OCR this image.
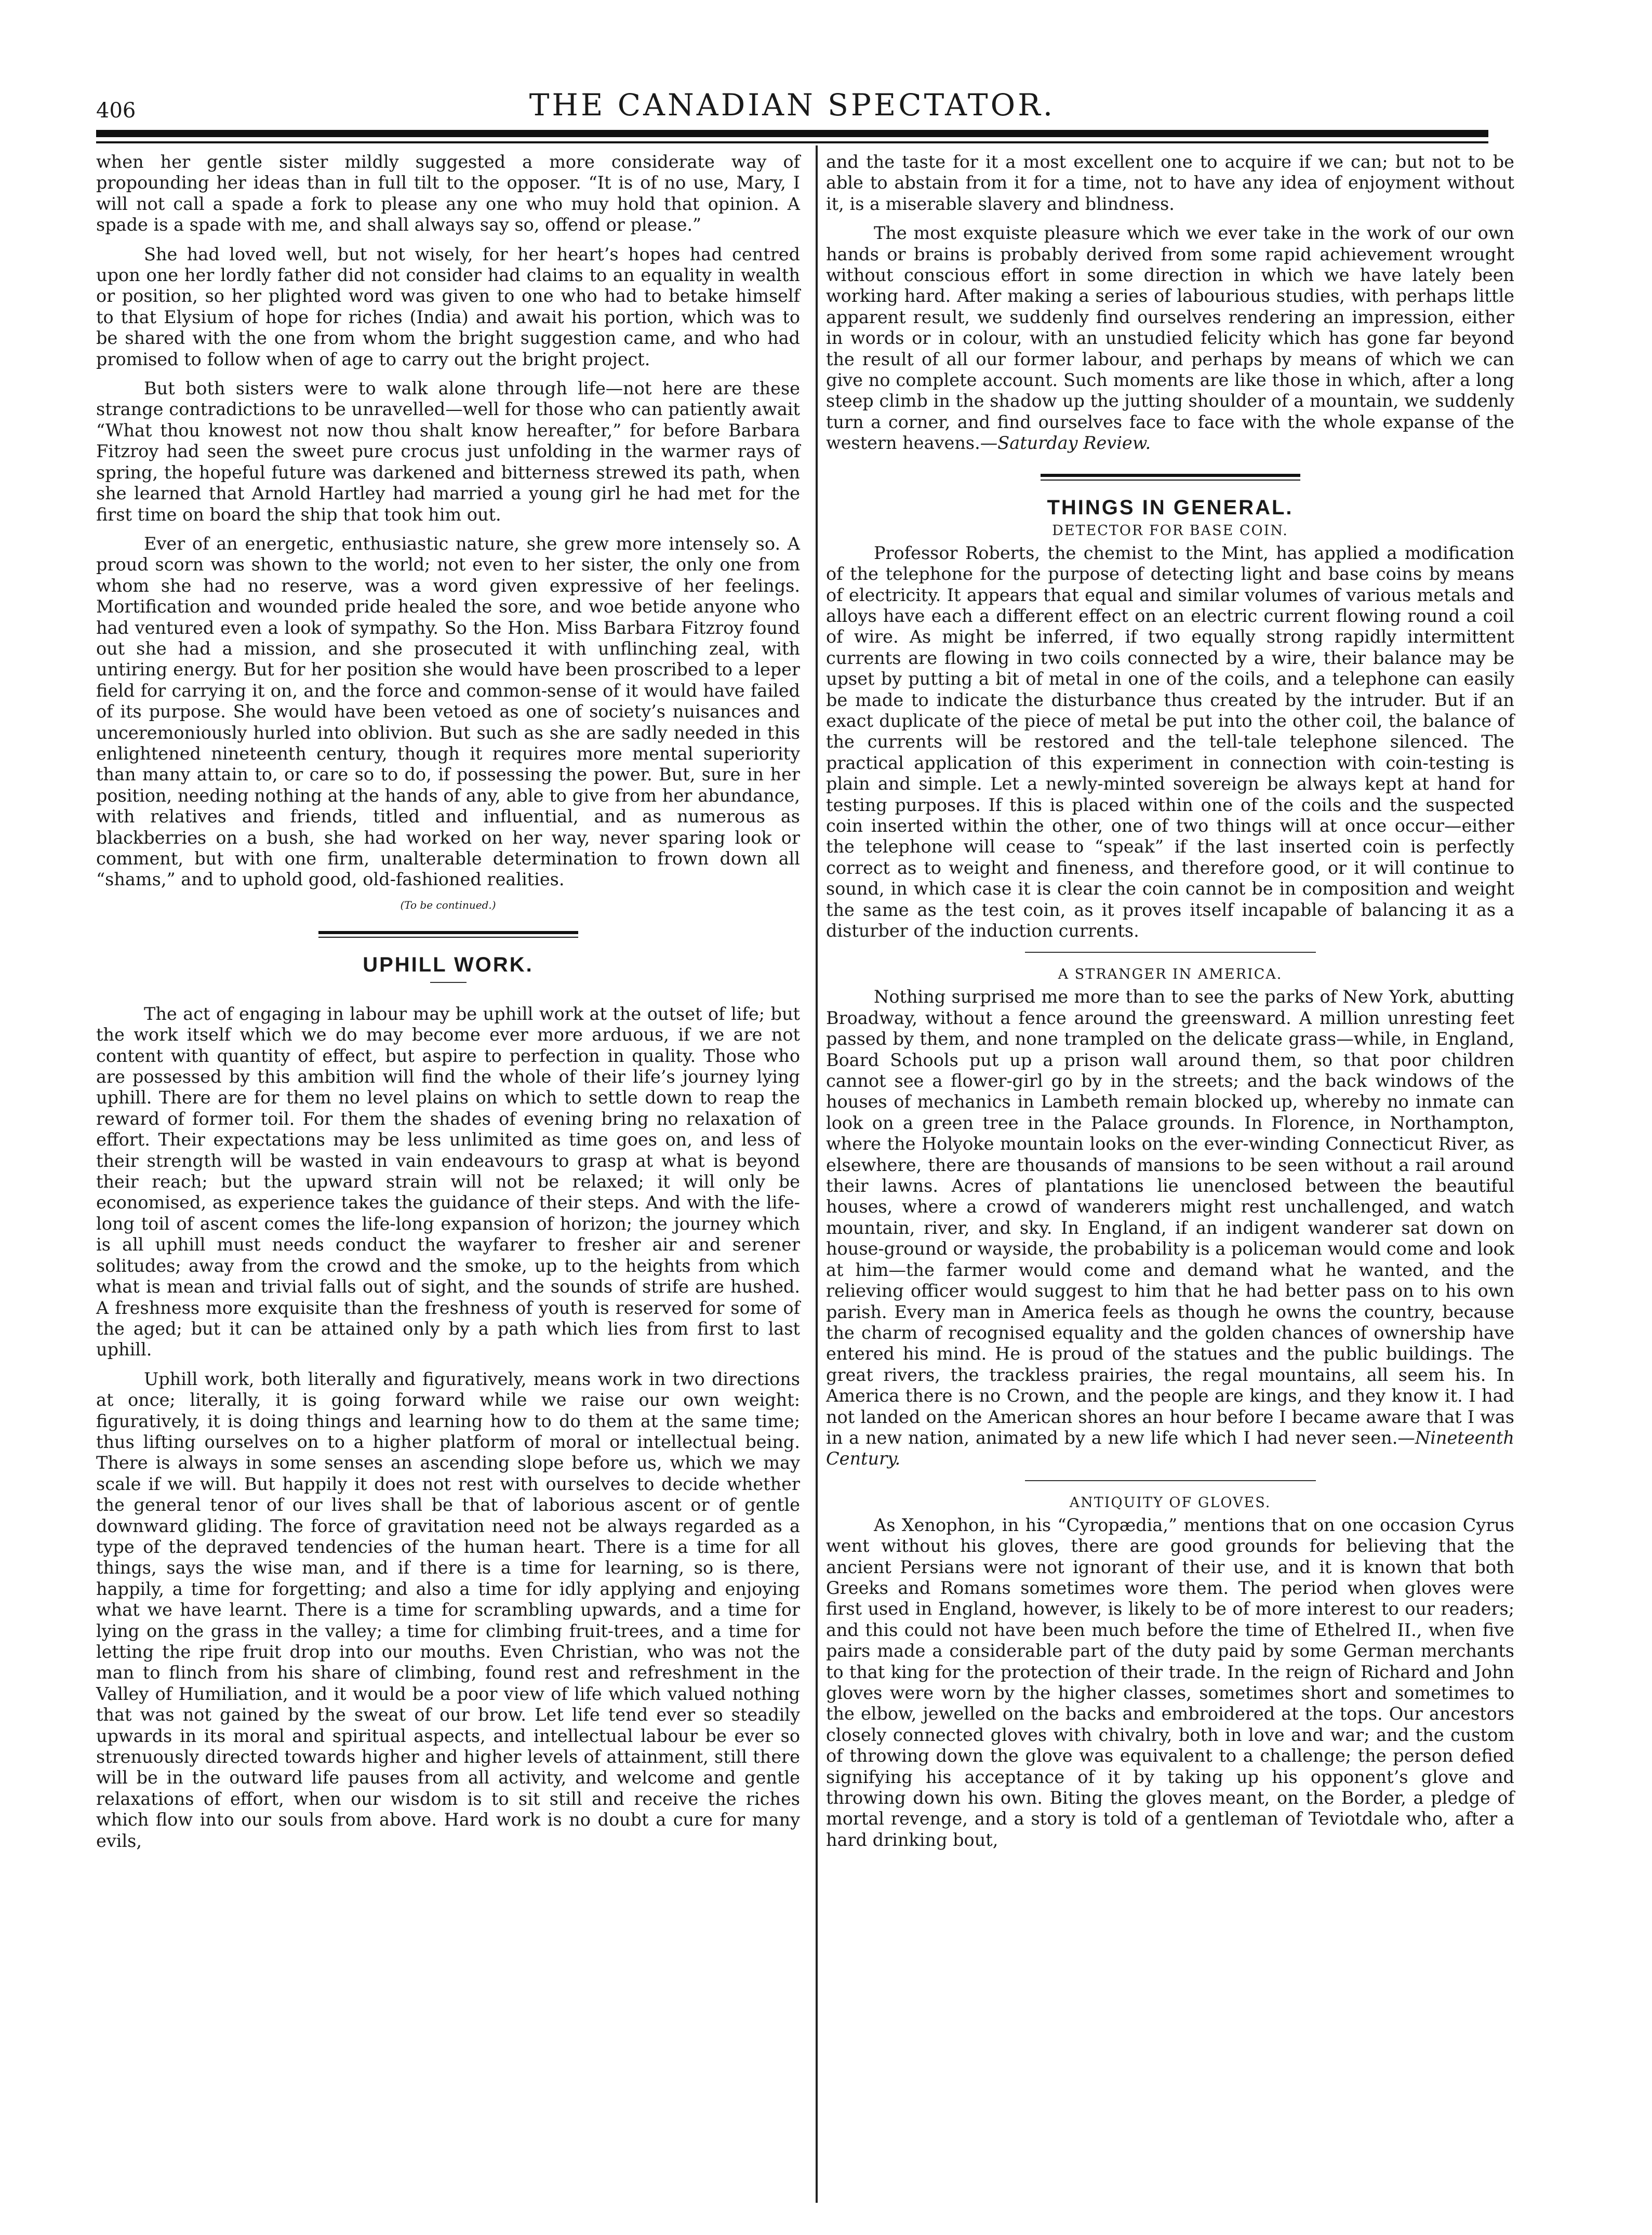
406	THE CANADIAN SPECTATOR.

when her gentle sister mildly suggested a more considerate way of propounding her ideas than in full tilt to the opposer. “It is of no use, Mary, I will not call a spade a fork to please any one who muy hold that opinion. A spade is a spade with me, and shall always say so, offend or please.”

She had loved well, but not wisely, for her heart’s hopes had centred upon one her lordly father did not consider had claims to an equality in wealth or position, so her plighted word was given to one who had to betake himself to that Elysium of hope for riches (India) and await his portion, which was to be shared with the one from whom the bright suggestion came, and who had promised to follow when of age to carry out the bright project.

But both sisters were to walk alone through life—not here are these strange contradictions to be unravelled—well for those who can patiently await “What thou knowest not now thou shalt know hereafter,” for before Barbara Fitzroy had seen the sweet pure crocus just unfolding in the warmer rays of spring, the hopeful future was darkened and bitterness strewed its path, when she learned that Arnold Hartley had married a young girl he had met for the first time on board the ship that took him out.

Ever of an energetic, enthusiastic nature, she grew more intensely so. A proud scorn was shown to the world; not even to her sister, the only one from whom she had no reserve, was a word given expressive of her feelings. Mortification and wounded pride healed the sore, and woe betide anyone who had ventured even a look of sympathy. So the Hon. Miss Barbara Fitzroy found out she had a mission, and she prosecuted it with unflinching zeal, with untiring energy. But for her position she would have been proscribed to a leper field for carrying it on, and the force and common-sense of it would have failed of its purpose. She would have been vetoed as one of society’s nuisances and unceremoniously hurled into oblivion. But such as she are sadly needed in this enlightened nineteenth century, though it requires more mental superiority than many attain to, or care so to do, if possessing the power. But, sure in her position, needing nothing at the hands of any, able to give from her abundance, with relatives and friends, titled and influential, and as numerous as blackberries on a bush, she had worked on her way, never sparing look or comment, but with one firm, unalterable determination to frown down all “shams,” and to uphold good, old-fashioned realities.

(To be continued.)
UPHILL WORK.

The act of engaging in labour may be uphill work at the outset of life; but the work itself which we do may become ever more arduous, if we are not content with quantity of effect, but aspire to perfection in quality. Those who are possessed by this ambition will find the whole of their life’s journey lying uphill. There are for them no level plains on which to settle down to reap the reward of former toil. For them the shades of evening bring no relaxation of effort. Their expectations may be less unlimited as time goes on, and less of their strength will be wasted in vain endeavours to grasp at what is beyond their reach; but the upward strain will not be relaxed; it will only be economised, as experience takes the guidance of their steps. And with the life-long toil of ascent comes the life-long expansion of horizon; the journey which is all uphill must needs conduct the wayfarer to fresher air and serener solitudes; away from the crowd and the smoke, up to the heights from which what is mean and trivial falls out of sight, and the sounds of strife are hushed. A freshness more exquisite than the freshness of youth is reserved for some of the aged; but it can be attained only by a path which lies from first to last uphill.

Uphill work, both literally and figuratively, means work in two directions at once; literally, it is going forward while we raise our own weight: figuratively, it is doing things and learning how to do them at the same time; thus lifting ourselves on to a higher platform of moral or intellectual being. There is always in some senses an ascending slope before us, which we may scale if we will. But happily it does not rest with ourselves to decide whether the general tenor of our lives shall be that of laborious ascent or of gentle downward gliding. The force of gravitation need not be always regarded as a type of the depraved tendencies of the human heart. There is a time for all things, says the wise man, and if there is a time for learning, so is there, happily, a time for forgetting; and also a time for idly applying and enjoying what we have learnt. There is a time for scrambling upwards, and a time for lying on the grass in the valley; a time for climbing fruit-trees, and a time for letting the ripe fruit drop into our mouths. Even Christian, who was not the man to flinch from his share of climbing, found rest and refreshment in the Valley of Humiliation, and it would be a poor view of life which valued nothing that was not gained by the sweat of our brow. Let life tend ever so steadily upwards in its moral and spiritual aspects, and intellectual labour be ever so strenuously directed towards higher and higher levels of attainment, still there will be in the outward life pauses from all activity, and welcome and gentle relaxations of effort, when our wisdom is to sit still and receive the riches which flow into our souls from above. Hard work is no doubt a cure for many evils,

and the taste for it a most excellent one to acquire if we can; but not to be able to abstain from it for a time, not to have any idea of enjoyment without it, is a miserable slavery and blindness.

The most exquiste pleasure which we ever take in the work of our own hands or brains is probably derived from some rapid achievement wrought without conscious effort in some direction in which we have lately been working hard. After making a series of labourious studies, with perhaps little apparent result, we suddenly find ourselves rendering an impression, either in words or in colour, with an unstudied felicity which has gone far beyond the result of all our former labour, and perhaps by means of which we can give no complete account. Such moments are like those in which, after a long steep climb in the shadow up the jutting shoulder of a mountain, we suddenly turn a corner, and find ourselves face to face with the whole expanse of the western heavens.—Saturday Review.

THINGS IN GENERAL.
DETECTOR FOR BASE COIN.

Professor Roberts, the chemist to the Mint, has applied a modification of the telephone for the purpose of detecting light and base coins by means of electricity. It appears that equal and similar volumes of various metals and alloys have each a different effect on an electric current flowing round a coil of wire. As might be inferred, if two equally strong rapidly intermittent currents are flowing in two coils connected by a wire, their balance may be upset by putting a bit of metal in one of the coils, and a telephone can easily be made to indicate the disturbance thus created by the intruder. But if an exact duplicate of the piece of metal be put into the other coil, the balance of the currents will be restored and the tell-tale telephone silenced. The practical application of this experiment in connection with coin-testing is plain and simple. Let a newly-minted sovereign be always kept at hand for testing purposes. If this is placed within one of the coils and the suspected coin inserted within the other, one of two things will at once occur—either the telephone will cease to “speak” if the last inserted coin is perfectly correct as to weight and fineness, and therefore good, or it will continue to sound, in which case it is clear the coin cannot be in composition and weight the same as the test coin, as it proves itself incapable of balancing it as a disturber of the induction currents.

A STRANGER IN AMERICA.

Nothing surprised me more than to see the parks of New York, abutting Broadway, without a fence around the greensward. A million unresting feet passed by them, and none trampled on the delicate grass—while, in England, Board Schools put up a prison wall around them, so that poor children cannot see a flower-girl go by in the streets; and the back windows of the houses of mechanics in Lambeth remain blocked up, whereby no inmate can look on a green tree in the Palace grounds. In Florence, in Northampton, where the Holyoke mountain looks on the ever-winding Connecticut River, as elsewhere, there are thousands of mansions to be seen without a rail around their lawns. Acres of plantations lie unenclosed between the beautiful houses, where a crowd of wanderers might rest unchallenged, and watch mountain, river, and sky. In England, if an indigent wanderer sat down on house-ground or wayside, the probability is a policeman would come and look at him—the farmer would come and demand what he wanted, and the relieving officer would suggest to him that he had better pass on to his own parish. Every man in America feels as though he owns the country, because the charm of recognised equality and the golden chances of ownership have entered his mind. He is proud of the statues and the public buildings. The great rivers, the trackless prairies, the regal mountains, all seem his. In America there is no Crown, and the people are kings, and they know it. I had not landed on the American shores an hour before I became aware that I was in a new nation, animated by a new life which I had never seen.—Nineteenth Century.

ANTIQUITY OF GLOVES.

As Xenophon, in his “Cyropædia,” mentions that on one occasion Cyrus went without his gloves, there are good grounds for believing that the ancient Persians were not ignorant of their use, and it is known that both Greeks and Romans sometimes wore them. The period when gloves were first used in England, however, is likely to be of more interest to our readers; and this could not have been much before the time of Ethelred II., when five pairs made a considerable part of the duty paid by some German merchants to that king for the protection of their trade. In the reign of Richard and John gloves were worn by the higher classes, sometimes short and sometimes to the elbow, jewelled on the backs and embroidered at the tops. Our ancestors closely connected gloves with chivalry, both in love and war; and the custom of throwing down the glove was equivalent to a challenge; the person defied signifying his acceptance of it by taking up his opponent’s glove and throwing down his own. Biting the gloves meant, on the Border, a pledge of mortal revenge, and a story is told of a gentleman of Teviotdale who, after a hard drinking bout,
